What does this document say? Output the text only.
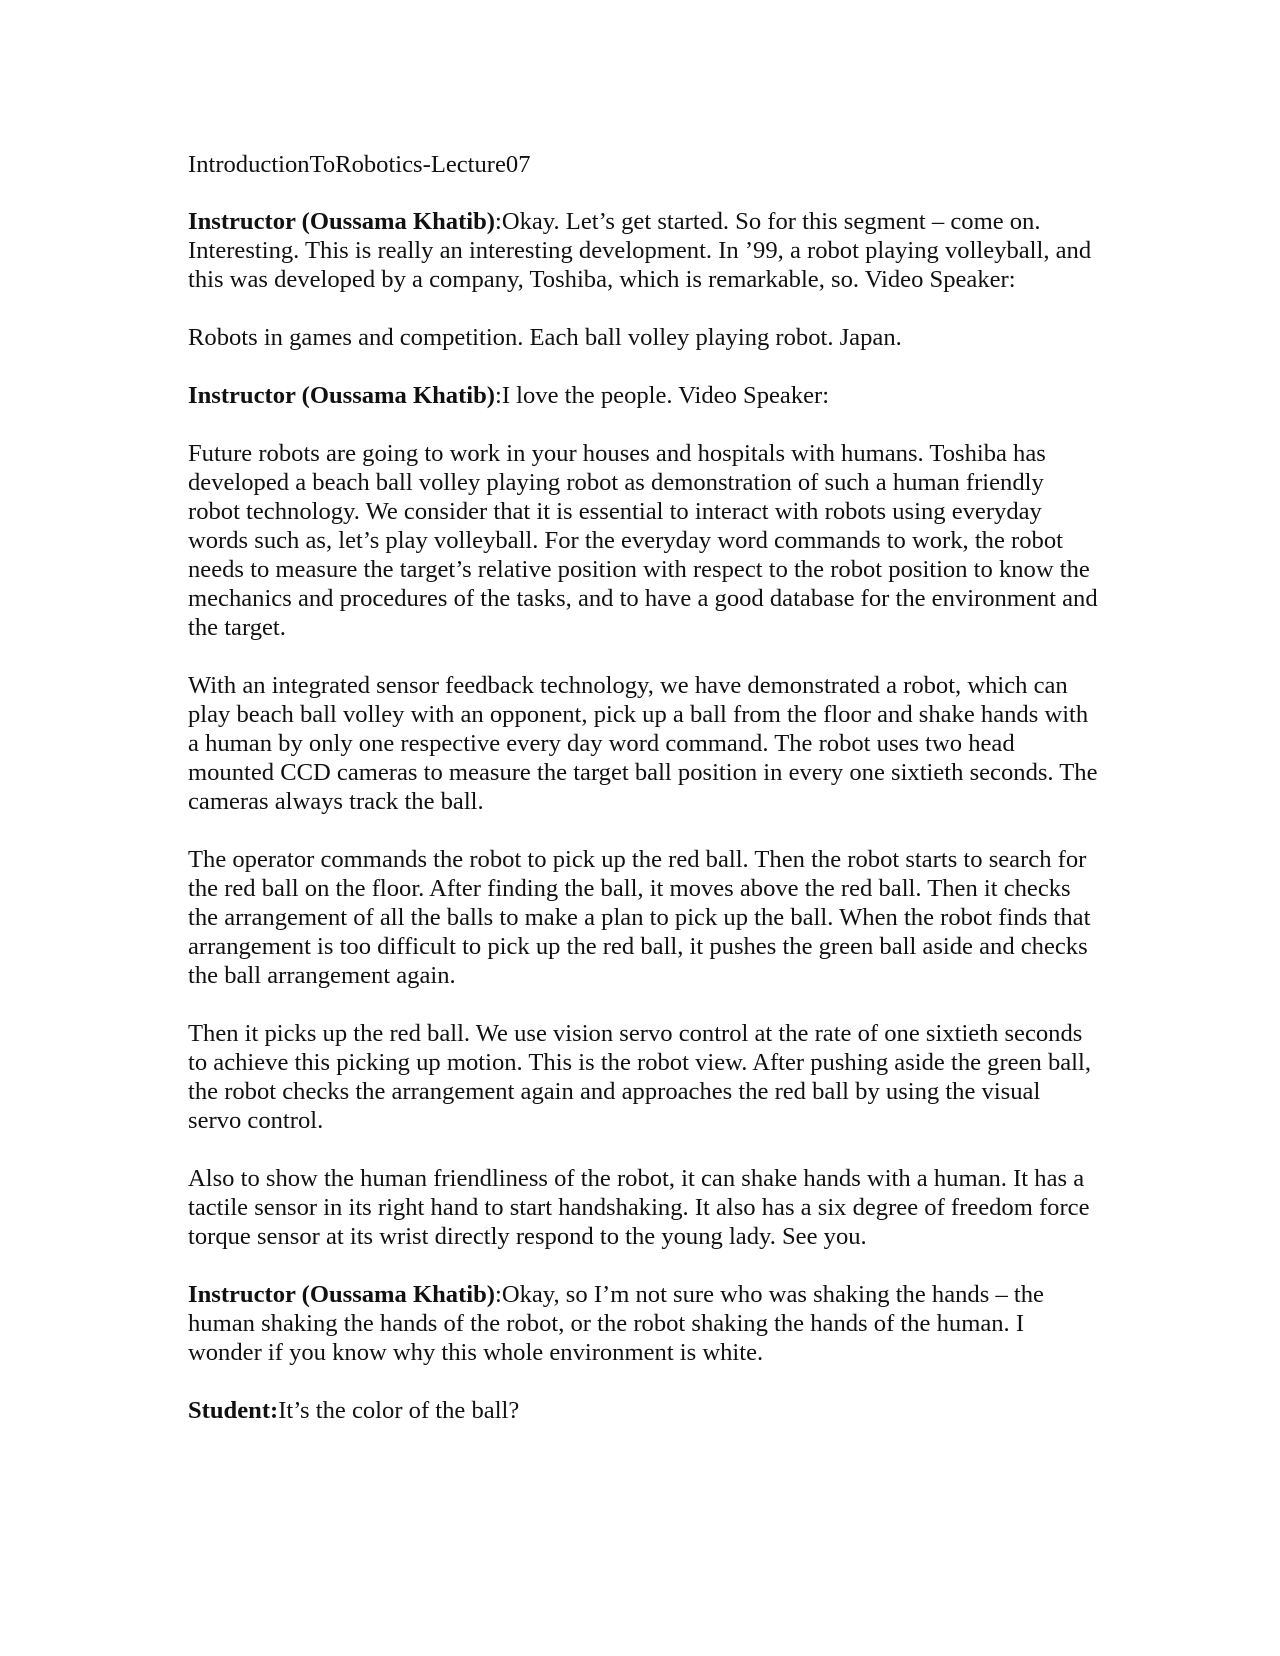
IntroductionToRobotics-Lecture07

Instructor (Oussama Khatib):Okay. Let’s get started. So for this segment – come on. Interesting. This is really an interesting development. In ’99, a robot playing volleyball, and this was developed by a company, Toshiba, which is remarkable, so. Video Speaker:

Robots in games and competition. Each ball volley playing robot. Japan.

Instructor (Oussama Khatib):I love the people. Video Speaker:

Future robots are going to work in your houses and hospitals with humans. Toshiba has developed a beach ball volley playing robot as demonstration of such a human friendly robot technology. We consider that it is essential to interact with robots using everyday words such as, let’s play volleyball. For the everyday word commands to work, the robot needs to measure the target’s relative position with respect to the robot position to know the mechanics and procedures of the tasks, and to have a good database for the environment and the target.

With an integrated sensor feedback technology, we have demonstrated a robot, which can play beach ball volley with an opponent, pick up a ball from the floor and shake hands with a human by only one respective every day word command. The robot uses two head mounted CCD cameras to measure the target ball position in every one sixtieth seconds. The cameras always track the ball.

The operator commands the robot to pick up the red ball. Then the robot starts to search for the red ball on the floor. After finding the ball, it moves above the red ball. Then it checks the arrangement of all the balls to make a plan to pick up the ball. When the robot finds that arrangement is too difficult to pick up the red ball, it pushes the green ball aside and checks the ball arrangement again.

Then it picks up the red ball. We use vision servo control at the rate of one sixtieth seconds to achieve this picking up motion. This is the robot view. After pushing aside the green ball, the robot checks the arrangement again and approaches the red ball by using the visual servo control.

Also to show the human friendliness of the robot, it can shake hands with a human. It has a tactile sensor in its right hand to start handshaking. It also has a six degree of freedom force torque sensor at its wrist directly respond to the young lady. See you.

Instructor (Oussama Khatib):Okay, so I’m not sure who was shaking the hands – the human shaking the hands of the robot, or the robot shaking the hands of the human. I wonder if you know why this whole environment is white.

Student:It’s the color of the ball?
